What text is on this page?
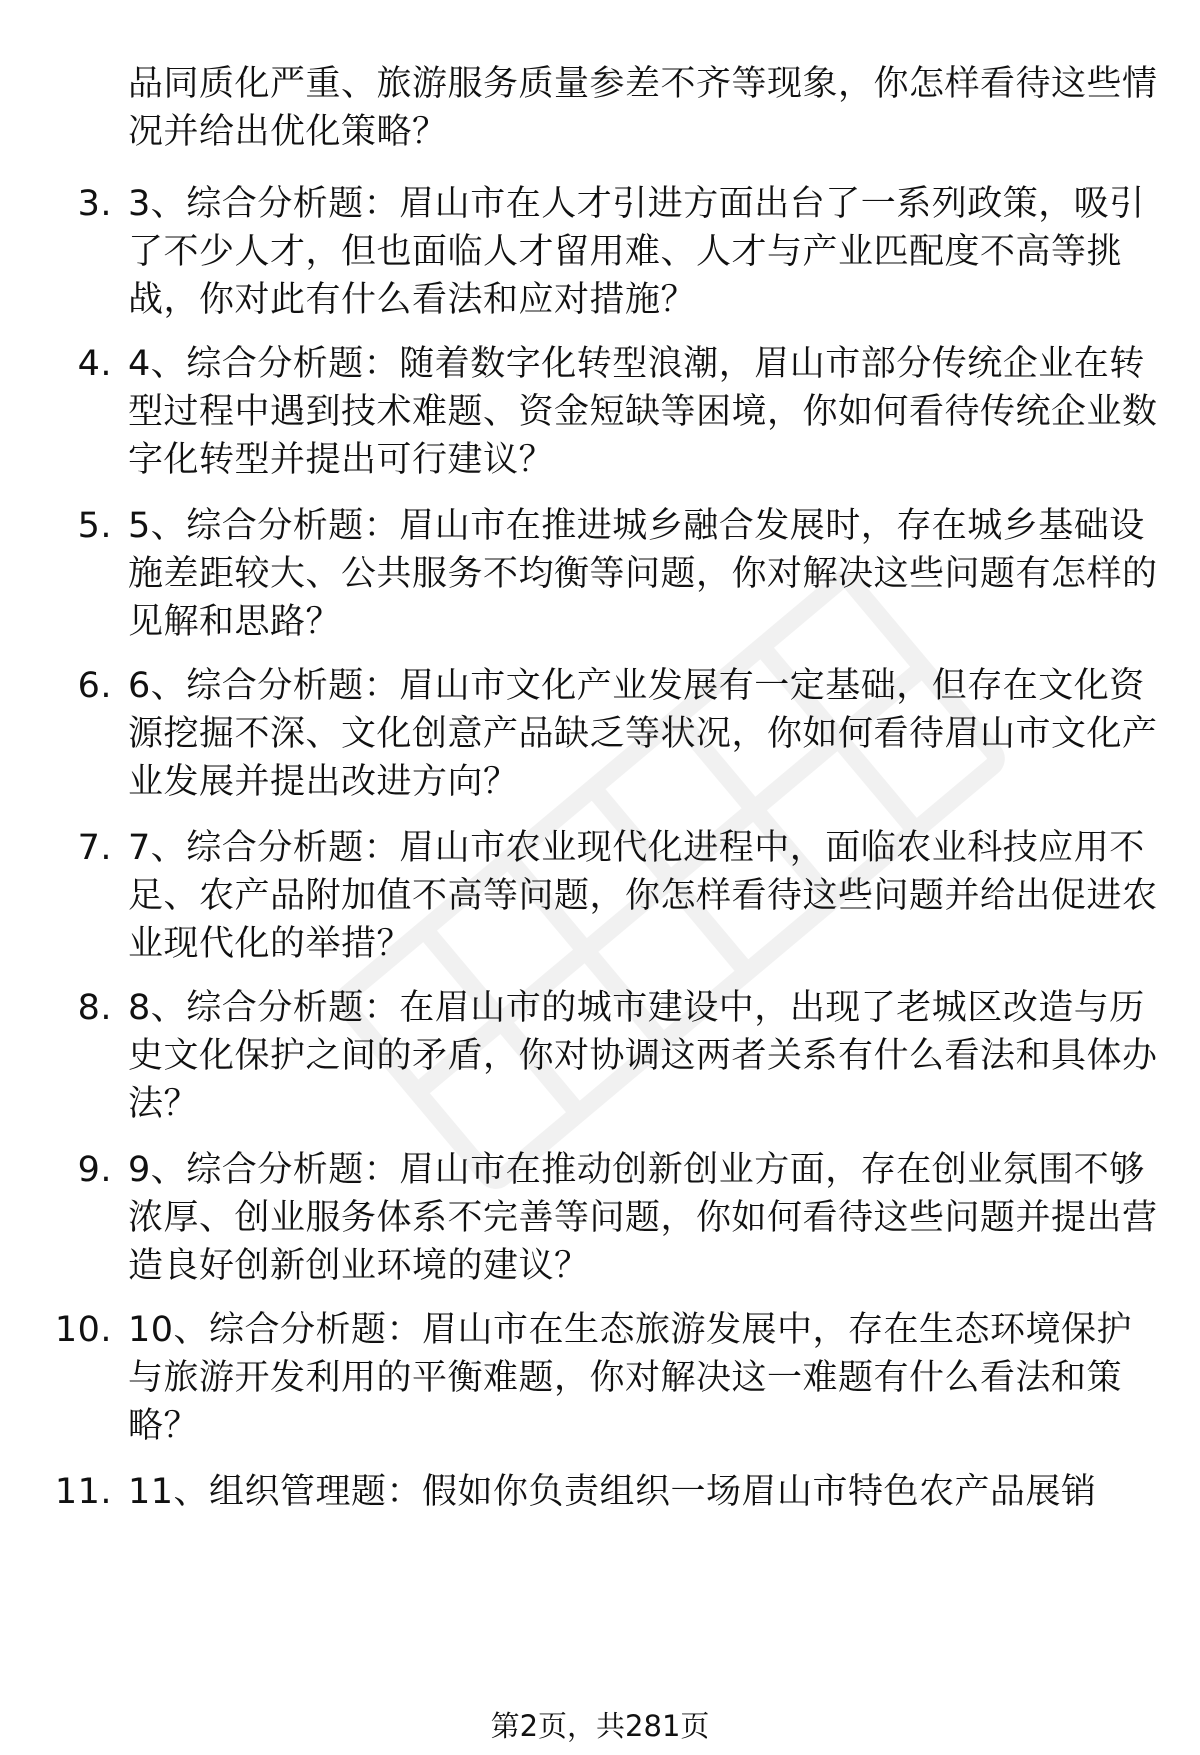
品同质化严重、旅游服务质量参差不齐等现象，你怎样看待这些情况并给出优化策略？
3. 3、综合分析题：眉山市在人才引进方面出台了一系列政策，吸引了不少人才，但也面临人才留用难、人才与产业匹配度不高等挑战，你对此有什么看法和应对措施？
4. 4、综合分析题：随着数字化转型浪潮，眉山市部分传统企业在转型过程中遇到技术难题、资金短缺等困境，你如何看待传统企业数字化转型并提出可行建议？
5. 5、综合分析题：眉山市在推进城乡融合发展时，存在城乡基础设施差距较大、公共服务不均衡等问题，你对解决这些问题有怎样的见解和思路？
6. 6、综合分析题：眉山市文化产业发展有一定基础，但存在文化资源挖掘不深、文化创意产品缺乏等状况，你如何看待眉山市文化产业发展并提出改进方向？
7. 7、综合分析题：眉山市农业现代化进程中，面临农业科技应用不足、农产品附加值不高等问题，你怎样看待这些问题并给出促进农业现代化的举措？
8. 8、综合分析题：在眉山市的城市建设中，出现了老城区改造与历史文化保护之间的矛盾，你对协调这两者关系有什么看法和具体办法？
9. 9、综合分析题：眉山市在推动创新创业方面，存在创业氛围不够浓厚、创业服务体系不完善等问题，你如何看待这些问题并提出营造良好创新创业环境的建议？
10. 10、综合分析题：眉山市在生态旅游发展中，存在生态环境保护与旅游开发利用的平衡难题，你对解决这一难题有什么看法和策略？
11. 11、组织管理题：假如你负责组织一场眉山市特色农产品展销
第2页，共281页
